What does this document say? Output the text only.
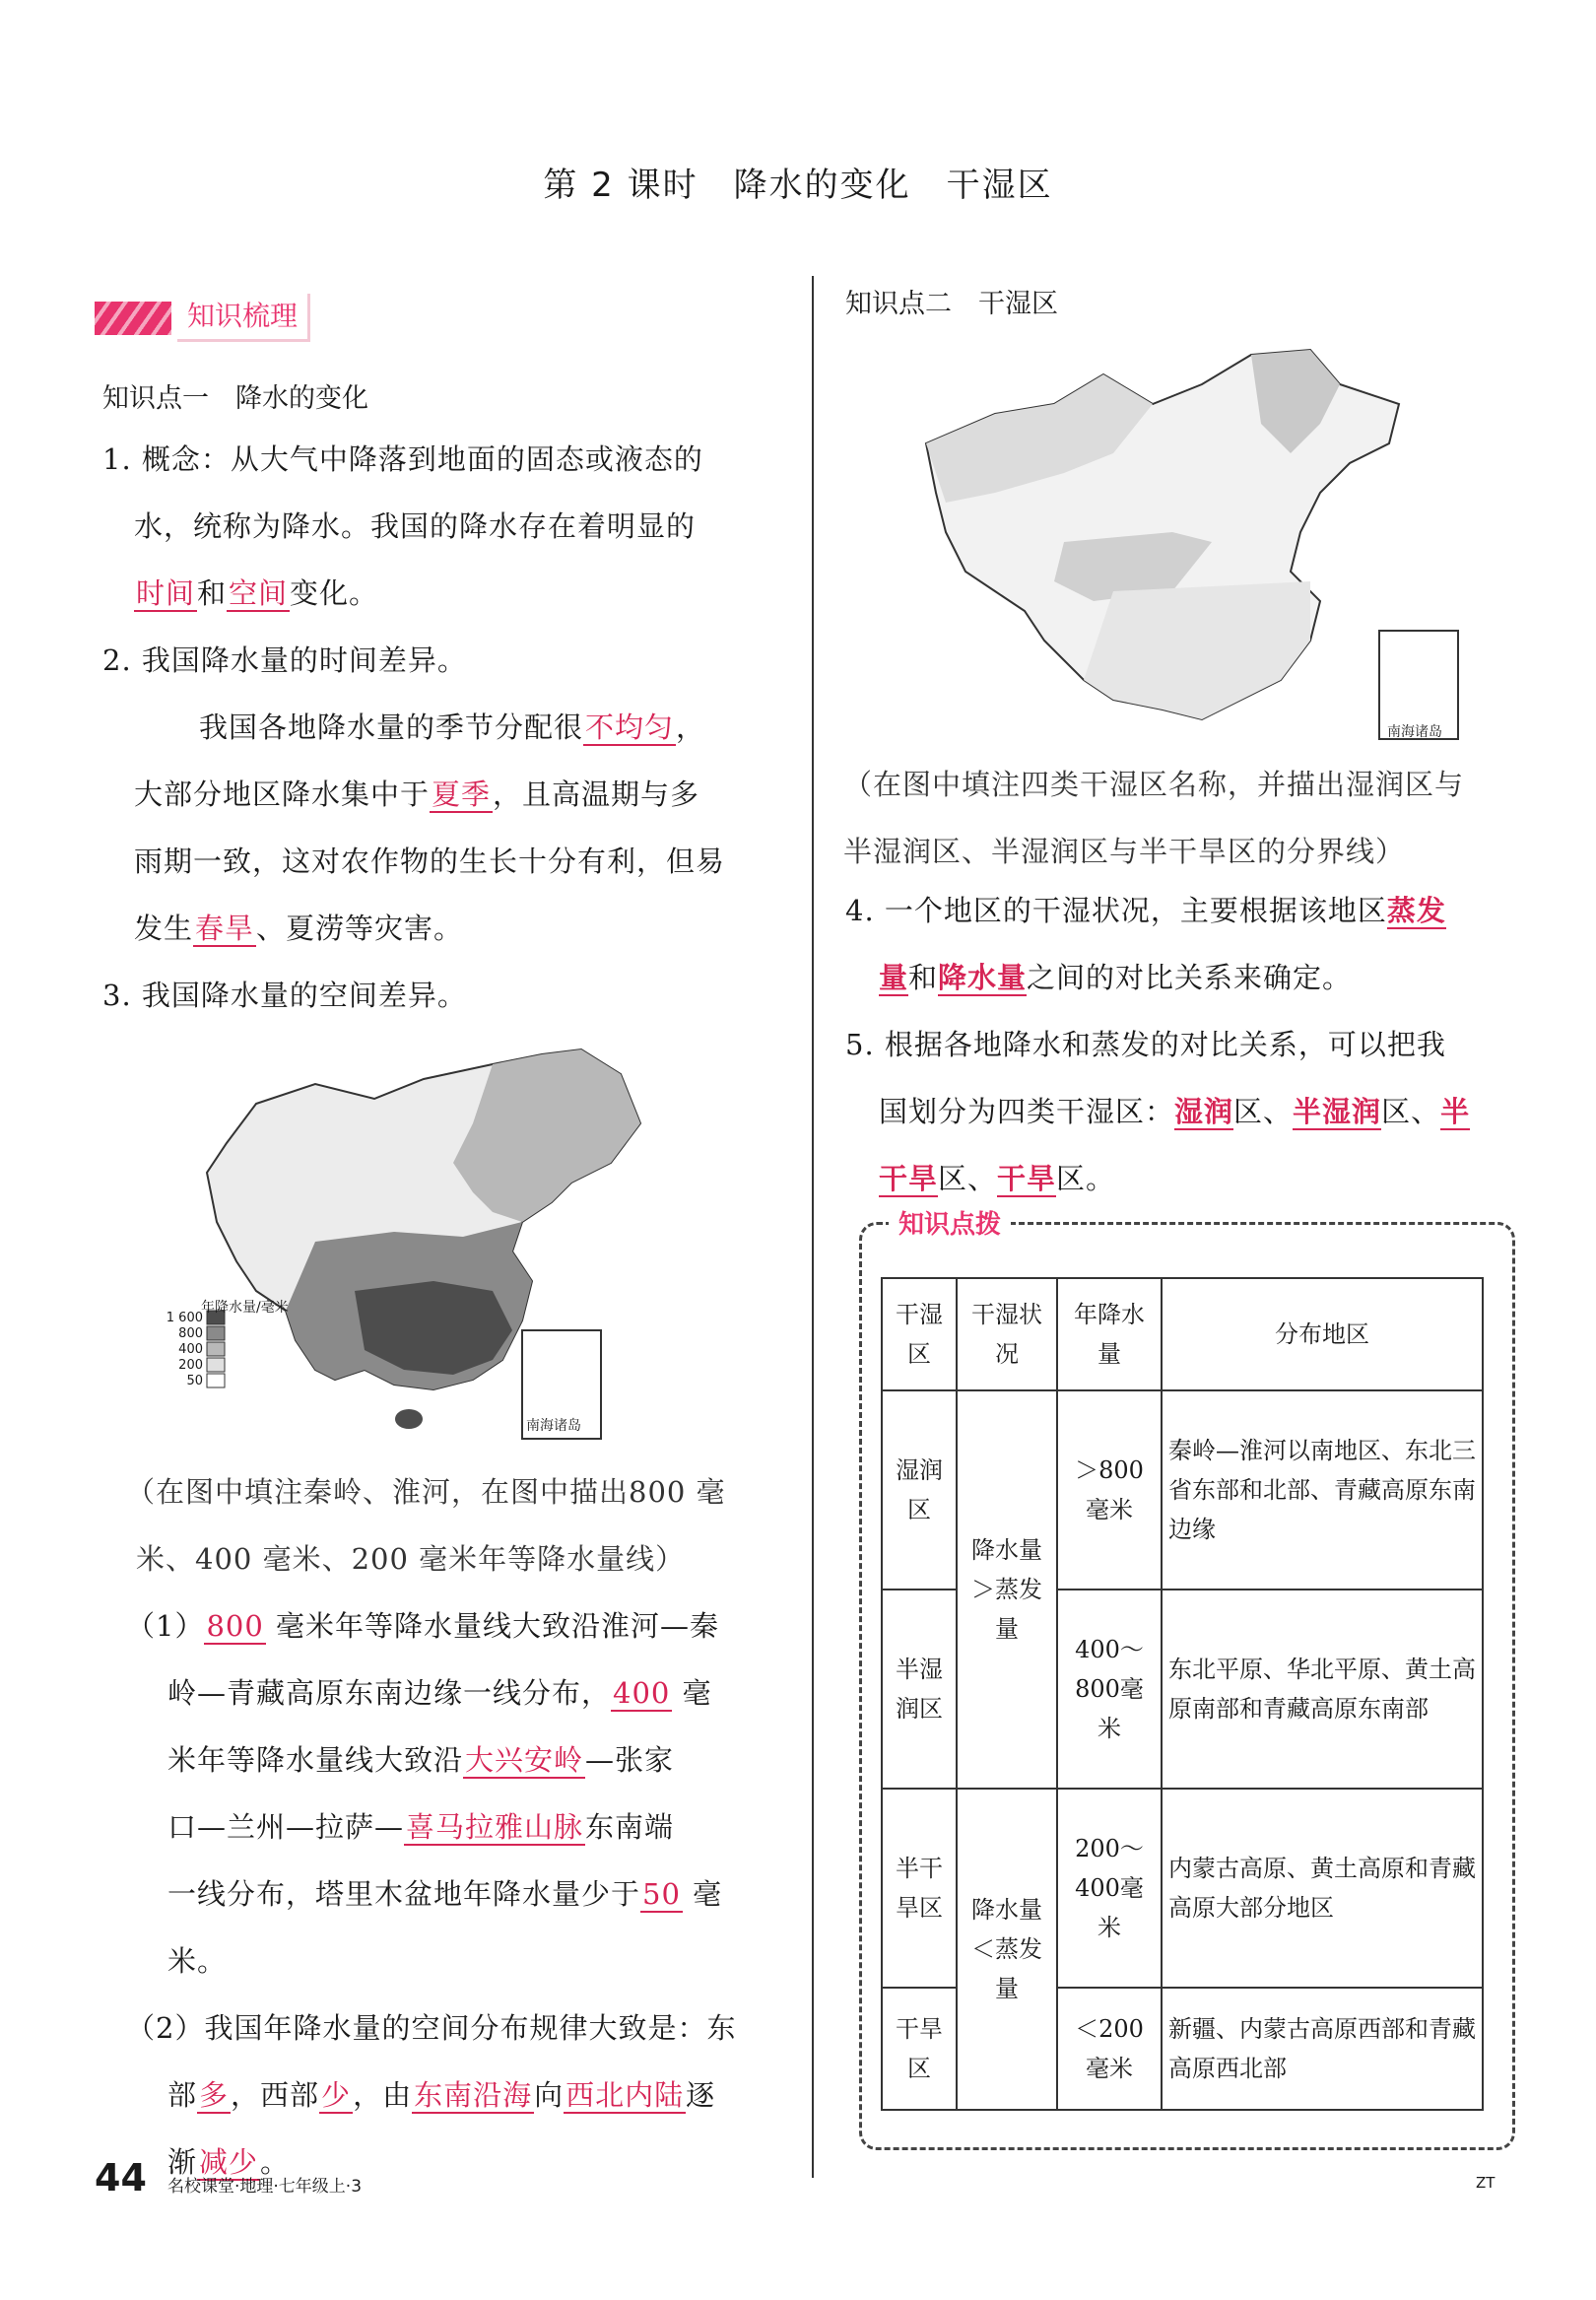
第 2 课时　降水的变化　干湿区
知识梳理
知识点一　降水的变化
1. 概念：从大气中降落到地面的固态或液态的
水，统称为降水。我国的降水存在着明显的
时间和空间变化。
2. 我国降水量的时间差异。
我国各地降水量的季节分配很不均匀，
大部分地区降水集中于夏季，且高温期与多
雨期一致，这对农作物的生长十分有利，但易
发生春旱、夏涝等灾害。
3. 我国降水量的空间差异。
年降水量/毫米
1 600
800
400
200
50
南海诸岛
（在图中填注秦岭、淮河，在图中描出800 毫
米、400 毫米、200 毫米年等降水量线）
（1）800 毫米年等降水量线大致沿淮河—秦
岭—青藏高原东南边缘一线分布，400 毫
米年等降水量线大致沿大兴安岭—张家
口—兰州—拉萨—喜马拉雅山脉东南端
一线分布，塔里木盆地年降水量少于50 毫
米。
（2）我国年降水量的空间分布规律大致是：东
部多，西部少，由东南沿海向西北内陆逐
渐减少。
知识点二　干湿区
南海诸岛
（在图中填注四类干湿区名称，并描出湿润区与
半湿润区、半湿润区与半干旱区的分界线）
4. 一个地区的干湿状况，主要根据该地区蒸发
量和降水量之间的对比关系来确定。
5. 根据各地降水和蒸发的对比关系，可以把我
国划分为四类干湿区：湿润区、半湿润区、半
干旱区、干旱区。
知识点拨
干湿区	干湿状况	年降水量	分布地区
湿润区	降水量＞蒸发量	＞800毫米	秦岭—淮河以南地区、东北三省东部和北部、青藏高原东南边缘
半湿润区		400～800毫米	东北平原、华北平原、黄土高原南部和青藏高原东南部
半干旱区	降水量＜蒸发量	200～400毫米	内蒙古高原、黄土高原和青藏高原大部分地区
干旱区		＜200毫米	新疆、内蒙古高原西部和青藏高原西北部
44 名校课堂·地理·七年级上·3	ZT
